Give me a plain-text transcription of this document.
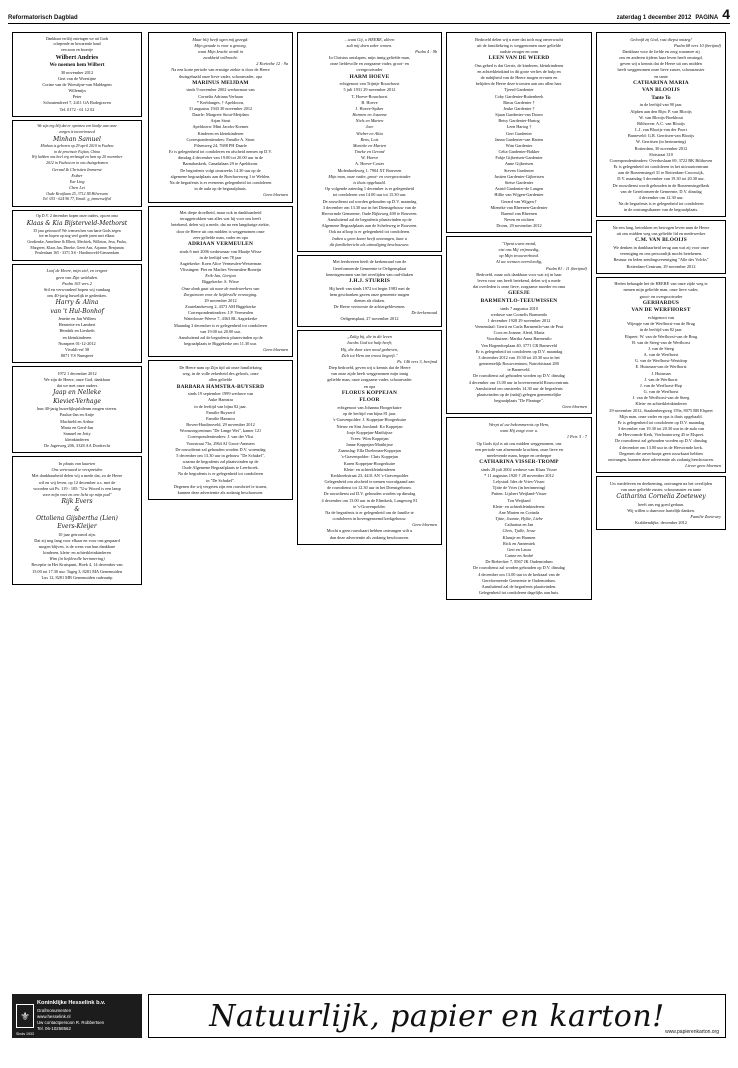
Reformatorisch Dagblad	zaterdag 1 december 2012 PAGINA 4

Dankbaar en blij ontvingen we uit Gods

schepende en bewarende hand

een zoon en broertje

Wilbert Andries

We noemen hem Wilbert

30 november 2012

Gert van de Woestijne

Corine van de Woestijne-van Maldegem

Willemijn

Peter

Schoutendreef 7, 2411 GA Bodegraven

Tel. 0172 - 61 12 02

We zijn erg blij dat er opnieuw een kindje aan onze

zorgen is toevertrouwd

Minhan Samuel

Minhan is geboren op 29 april 2010 in Fuzhou

in de provincie Fujian, China

Wij hebben ons heel erg verheugd en hem op 20 november

2012 in Fuzhou en in ons thuisgekomen

Gerard & Christien Immerse

Esther

Yue Ling

Chen Lei

Oude Kraijlaan 25, 3712 JB Hilversum

Tel. 035 - 624 96 77, Email: g_immerse@nl

Op D.V. 2 december hopen onze ouders, opa en oma

Klaas & Kia Bijsterveld-Methorst

35 jaar getrouwd! We wensen hen van harte Gods zegen

toe en hopen op nog veel goede jaren met elkaar.

Gerdienke, Anneliese & Elbert, Mechiek, Willeton, Jesa, Pasha,

Margreet, Klaas Jan, Dineke, Geert Ans, Arjanne, Benjamin

Peulenlaan 165 - 3371 XS - Hardinxveld-Giessendam

Loof de Heere, mijn ziel, en vergeet

geen van Zijn weldaden.

Psalm 103 vers 2

Stil en verwonderd hopen wij vandaag

ons 40-jarig huwelijk te gedenken.

Harry & Alina

van 't Hul-Bonhof

Jenette en Jan Willem

Henriette en Lambert

Hendrik en Liesbeth

en kleinkinderen

Nunspeet 01-12-2012

Vivaldi-erf 38

8071 VS Nunspeet

1972 1 december 2012

We zijn de Heere, onze God, dankbaar

dat we met onze ouders

Jaap en Nelleke

Kieviet-Verhage

hun 40-jarig huwelijksjubileum mogen vieren.

Paulus-Jan en Antje

Machteld en Arthur

Maria en Gerd-Jan

Samuel en Jetty

kleinkinderen

De Jagerweg 206, 3328 AA Dordrecht

In plaats van kaarten

Ons vertrouwd te verspreiden

Met dankbaarheid delen wij u mede dat, zo de Heere

wil en wij leven, op 12 december a.s. met de

woorden uit Ps. 119 : 105: "Uw Woord is een lamp

voor mijn voet en een licht op mijn pad"

Rijk Evers

&

Ottoliena Gijsbertha (Lien)

Evers-Kleijer

10 jaar getrouwd zijn.

Dat zij nog lang voor elkaar en voor ons gespaard

mogen blijven, is de wens van hun dankbare

kinderen, klein- en achterkleinkinderen

Wim (in liefdevolle herinnering)

Receptie in Het Kruispunt, Hoek 4, 14 december van

15.00 tot 17.30 uur. Tageg 3, 8281 MA Genemuiden

Lus 12, 8281 MB Genemuiden cadeautip

Maar blij heeft ogen mij gezegd:

Mijn genade is voor u genoeg,

want Mijn kracht wordt in

zwakheid volbracht.

2 Korinthe 12 : 9a

Na een korte periode van ernstige ziekte is door de Heere

thuisgehaald onze lieve vader, schoonvader, opa

MARINUS MEIJDAM

sinds 9 november 2002 weduwnaar van

Cornelia Adriana Verhaan

* Kerblanges, † Apeldoorn,

31 augustus 1943 30 november 2012

Daarle: Margrete Stout-Meijdam

Arjan Stout

Apeldoorn: Mini Jacobs-Kremer

Kinderen en kleinkinderen

Correspondentieadres: Familie A. Stout

Pilsenweg 24, 7688 PH Daarle

Er is gelegenheid tot condoleren en afscheid nemen op D.V.

dinsdag 4 december van 19.00 tot 20.00 uur in de

Barnabaskerk, Canadalaan 29 te Apeldoorn.

De begrafenis volgt omstreeks 14.30 uur op de

algemene begraafplaats aan de Boerhaveweg 1 te Wehlen.

Na de begrafenis is er eveneens gelegenheid tot condoleren

in de aula op de begraafplaats.

Geen bloemen

Met diepe droefheid, maar ook in dankbaarheid

teruggetrokken van alles wat hij voor ons heeft

betekend, delen wij u mede, dat na een langdurige ziekte,

door de Heere uit ons midden is weggenomen onze

zeer geliefde man, vader en opa

ADRIAAN VERMEULEN

sinds 6 mei 2006 weduwnaar van Maatje Wisse

in de leeftijd van 78 jaar

Aagtekerke: Koen Alice Vermeulen-Westerman

Vlissingen: Piet en Marlies Vermeulen-Boneijn

Erik-Jan, Gertjan

Biggekerke: S. Wisse

Onze dank gaat uit naar de medewerkers van

Zorgstroom voor de liefdevolle verzorging.

29 november 2012

Zoutelandseweg 2, 4373 AM Biggekerke

Correspondentieadres: J.P. Vermeulen

Waterlooze-Weeve 7, 4363 RL Aagtekerke

Maandag 3 december is er gelegenheid tot condoleren

van 19.00 tot 20.00 uur.

Aansluitend zal de begrafenis plaatsvinden op de

begraafplaats te Biggekerke om 11.30 uur.

Geen bloemen

De Heere nam op Zijn tijd uit onze familiekring

weg, in de volle zekerheid des geloofs, onze

allen geliefde

BARBARA HAMSTRA-BUYSERD

sinds 19 september 1999 weduwe van

Auke Hamstra

in de leeftijd van bijna 82 jaar.

Familie Buyserd

Familie Hamstra

Boven-Hardinxveld, 29 november 2012

Woonzorgcentrum "De Lange Wei", kamer 121

Correspondentieadres: J. van der Vlist

Voorstraat 73a, 2964 AJ Groot-Ammers

De rouwdienst zal gehouden worden D.V. woensdag

5 december om 13.30 uur in gebouw "De Schakel",

waarna de begrafenis zal plaatsvinden op de

Oude Algemene Begraafplaats te Leerbroek.

Na de begrafenis is er gelegenheid tot condoleren

in "De Schakel".

Degenen die wij vergeten zijn een rouwbrief te sturen,

kunnen deze advertentie als zodanig beschouwen.

...want Gij, o HEERE, alleen

zult mij doen zeker wonen.

Psalm 4 : 9b

In Christus ontslapen, mijn innig geliefde man,

onze liefdevolle en zorgzame vader, groot- en

overgrootvader

HARM HOEVE

echtgenoot van Trijntje Rouwhorst

5 juli 1931 29 november 2012

T. Hoeve-Rouwhorst

B. Hoeve

J. Hoeve-Spiker

Harmen en Jozanne

Niels en Marten

Jace

Wieber en Alita

Rens, Lois

Marieke en Marten

Tineke en Gerard

W. Hoeve

A. Hoeve-Coster

Molenhoekweg 1, 7904 XT Rouveen

Mijn man, onze vader, groot- en overgrootvader

is thuis opgehaald.

Op volgende zaterdag 1 december is er gelegenheid

tot condoleren van 14.00 uur tot 15.30 uur.

De rouwdienst zal worden gehouden op D.V. maandag

3 december om 13.30 uur in het Dienstgebouw van de

Hervormde Gemeente, Oude Rijksweg 400 te Rouveen.

Aansluitend zal de begrafenis plaatsvinden op de

Algemene Begraafplaats aan de Scheleweg te Rouveen.

Ook na afloop is er gelegenheid tot condoleren.

Indien u geen kaart heeft ontvangen, kunt u

dit familiebericht als uitnodiging beschouwen.

Met leedwezen heeft de kerkenraad van de

Gereformeerde Gemeente te Oeltgensplaat

kennisgenomen van het overlijden van oud-diaken

J.H.J. STURRIS

Hij heeft van sinds 1972 tot begin 1983 met de

hem geschonken gaven onze gemeente mogen

dienen als diaken.

De Heere vertrooste de achtergeblevenen.

De kerkenraad

Oeltgensplaat, 27 november 2012

„Zalig bij, die in dit leven

Jacobs God tot hulp heeft;

Hij, die door zien nood gedreven,

Zich tot Hem om troost begeeft."

Ps. 146 vers 3, berijmd

Diep bedroefd, geven wij u kennis dat de Heere

van onze zijde heeft weggenomen mijn innig

geliefde man, onze zorgzame vader, schoonvader

en opa

FLORUS KOPPEJAN

FLOOR

echtgenoot van Johanna Hoogerkuire

op de leeftijd van bijna 81 jaar.

's-Gravenpolder: J. Koppejan-Hoogerkuire

Nieuw en Sint Joosland: Ko Koppejan

Josje Koppejan-Matthijsse

Vrees: Wim Koppejan

Janne Koppejan-Matthijsse

Zaamslag: Ella Doeleman-Koppejan

's-Gravenpolder: Chris Koppejan

Karen Koppejan-Hoogerkuire

Klein- en achterkleinkinderen

Kerkhoekstraat 23, 4431 AN 's-Gravenpolder

Gelegenheid om afscheid te nemen voorafgaand aan

de rouwdienst tot 12.30 uur in het Dienstgebouw.

De rouwdienst zal D.V. gehouden worden op dinsdag

4 december om 13.00 uur in de Elimkerk, Langeweg 81

te 's-Gravenpolder.

Na de begrafenis is er gelegenheid om de familie te

condoleren in hovengenoemd kerkgebouw.

Geen bloemen

Mocht u geen rouwkaart hebben ontvangen wilt u

dan deze advertentie als zodanig beschouwen.

Bedroefd delen wij u mee dat toch nog onverwacht

uit de familiekring is weggenomen onze geliefde

oudste zwager en oom

LEEN VAN DE WEERD

Ons gebed is dat Gerrie, de kinderen, kleinkinderen

en achterkleinkind in dit grote verlies de hulp en

de nabijheid van de Heere mogen ervaren en

belijden de Heere deze troosten aan ons allen hart.

Tjeerd Gardenier

Coby Gardenier-Ruitenbeek

Rinus Gardenier †

Jeuke Gardenier †

Sjaan Gardenier-van Doorn

Betsy Gardenier-Hartog

Leen Hartog †

Gert Gardenier

Janna Gardenier-van Harten

Wim Gardenier

Celia Gardenier-Bakker

Fokje Gijbertsen-Gardenier

Anne Gijbertsen

Steven Gardenier

Justien Gardenier-Gijbertsen

Sietse Gardenier

Astrid Gardenier-de Langen

Hillie van Wijgen-Gardenier

Gerard van Wijgen †

Mieneke van Rheenen-Gardenier

Barend van Rheenen

Neven en nichten

Doorn, 29 november 2012

"Opent uwen mond,

eist ons Mij vrijmoedig,

op Mijn trouwverbond.

Al uw wensen overvloedig,

Psalm 81 : 11 (berijmd)

Bedroefd, maar ook dankbaar voor wat zij in haar

leven voor ons heeft betekend, delen wij u mede

dat overleden is onze lieve, zorgzame moeder en oma

GEESJE

BARMENTLO-TEEUWISSEN

sinds 7 augustus 2010

weduwe van Cornelis Barmentlo

1 december 1928 29 november 2012

Veenendaal: Gerrit en Carla Barmentlo-van de Peut

Coos en Joanne, Aleid, Maria

Voorthuizen: Martha Anna Barmentlo

Van Hogendorplaan 40, 3771 CR Barneveld

Er is gelegenheid tot condoleren op D.V. maandag

3 december 2012 van 19.30 tot 20.30 uur in het

gemeentelijk Rouwcentrum, Nairobistraat 280

te Barneveld.

De rouwdienst zal gehouden worden op D.V. dinsdag

4 december om 13.00 uur in bovenvermeld Rouwcentrum.

Aansluitend om omstreeks 14.30 uur de begrafenis

plaatsvinden op de (nabij) gelegen gemeentelijke

begraafplaats "De Plantage".

Geen bloemen

Werpt al uw bekommernis op Hem,

want Hij zorgt voor u.

1 Petr. 5 : 7

Op Gods tijd is uit ons midden weggenomen, ons

een periode van afnemende krachten, onze lieve en

meelevende mam, beppe en oerbeppe

CATHARINA VISSER-TROMP

sinds 28 juli 2002 weduwe van Klaas Visser

* 11 augustus 1920 † 28 november 2012

Lelystad: Ides de Vries-Visser

Tjitte de Vries (in herinnering)

Putten: Lijsbert Weijland-Visser

Ton Weijland

Klein- en achterkleinkinderen:

Ane Marten en Corinda

Tjitte, Joanne, Hylke, Liebe

Catharina en Jan

Chris, Tjalle, Jesse

Klaasje en Harmen

Rick en Annemiek

Gert en Laura

Carine en André

De Riebecker 7, 8567 JK Oudemirdum

De rouwdienst zal worden gehouden op D.V. dinsdag

4 december om 13.00 uur in de kerkzaal van de

Gereformeerde Gemeente te Oudemirdum.

Aansluitend zal de begrafenis plaatsvinden.

Gelegenheid tot condoleren dagelijks aan huis.

Geloofd zij God, rust diepst ontzeg!

Psalm 68 vers 10 (berijmd)

Dankbaar voor de liefde en zorg waarmee zij

ons en anderen tijdens haar leven heeft omringd,

geven wij u kennis dat de Heere uit ons midden

heeft weggenomen onze lieve zuster, schoonzuster

en tante

CATHARINA MARIA

VAN BLOOIJS

Tante To

in de leeftijd van 90 jaar.

Alphen aan den Rijn: P. van Blooijs

W. van Blooijs-Boekhout

Bilthoven: A.C. van Blooijs

L.J. van Blooijs-van der Poort

Barneveld: G.R. Gerritsen-van Blooijs

W. Gerritsen (in herinnering)

Rotterdam, 30 november 2012

Slotstraat 310

Correspondentieadres: Overboslaan 69, 3722 BK Bilthoven

Er is gelegenheid tot condoleren in het uitvaartcentrum

aan de Boezemsingel 31 te Rotterdam-Crooswijk,

D.V. maandag 3 december van 19.30 tot 20.30 uur.

De rouwdienst wordt gehouden in de Boezemsingelkerk

van de Gereformeerde Gemeente, D.V. dinsdag

4 december om 12.30 uur.

Na de begrafenis is er gelegenheid tot condoleren

in de ontvangstkamer van de begraafplaats.

Na een lang, betrokken en bewogen leven nam de Heere

uit ons midden weg ons geliefde lid en medewerker

C.M. VAN BLOOIJS

We denken in dankbaarheid terug aan wat zij voor onze

vereniging en ons persoonlijk mocht betekenen.

Bestuur en leden zendingsvereniging "Alle des Volcks"

Rotterdam-Centrum, 29 november 2012

Heden behaagde het de HEERE van onze zijde weg te

nemen mijn geliefde man, onze lieve vader,

groot- en overgrootvader

GERHARDUS

VAN DE WERFHORST

echtgenoot van

Wijmpje van de Werfhorst-van de Brug

in de leeftijd van 82 jaar.

Elspeet: W. van de Werfhorst-van de Brug

B. van de Steeg-van de Werfhorst

J. van de Steeg

A. van de Werfhorst

G. van de Werfhorst-Westdorp

E. Huisman-van de Werfhorst

J. Huisman

J. van de Werfhorst

J. van de Werfhorst-Hop

G. van de Werfhorst

J. van de Werfhorst-van de Steeg

Klein- en achterkleinkinderen

29 november 2012, Staakenbergweg 159a, 8075 RB Elspeet

Mijn man, onze vader en opa is thuis opgehaald.

Er is gelegenheid tot condoleren op D.V. maandag

3 december van 19.30 tot 20.30 uur in de aula van

de Hervormde Kerk, Vierhouterweg 45 te Elspeet.

De rouwdienst zal gehouden worden op D.V. dinsdag

4 december om 13.00 uur in de Hervormde kerk.

Degenen die onverhoopt geen rouwkaart hebben

ontvangen, kunnen deze advertentie als zodanig beschouwen.

Liever geen bloemen

Uw medeleven en deelneming, ontvangen na het overlijden

van onze geliefde zuster, schoonzuster en tante

Catharina Cornelia Zoetewey

heeft ons erg goed gedaan.

Wij willen u daarvoor hartelijk danken.

Familie Zoetewey

Krabbendijke, december 2012

⚜
Koninklijke Hesselink b.v.
Grafmonumenten
www.hesselink.nl
Uw contactpersoon R. Robbertsen
Tel. 06-10258562
Sinds 1933
Natuurlijk, papier en karton! www.papierenkarton.org
